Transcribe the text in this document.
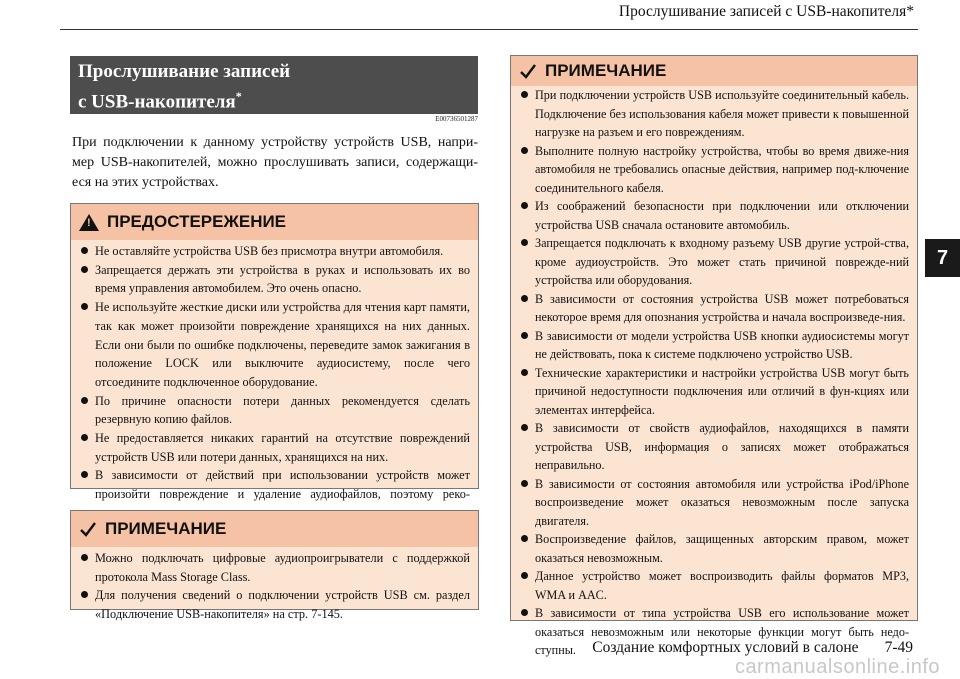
Прослушивание записей с USB-накопителя*
Прослушивание записей
с USB-накопителя*
E00736501287
При подключении к данному устройству устройств USB, напри-мер USB-накопителей, можно прослушивать записи, содержащи-еся на этих устройствах.
!
ПРЕДОСТЕРЕЖЕНИЕ
Не оставляйте устройства USB без присмотра внутри автомобиля.
Запрещается держать эти устройства в руках и использовать их во время управления автомобилем. Это очень опасно.
Не используйте жесткие диски или устройства для чтения карт памяти, так как может произойти повреждение хранящихся на них данных. Если они были по ошибке подключены, переведите замок зажигания в положение LOCK или выключите аудиосистему, после чего отсоедините подключенное оборудование.
По причине опасности потери данных рекомендуется сделать резервную копию файлов.
Не предоставляется никаких гарантий на отсутствие повреждений устройств USB или потери данных, хранящихся на них.
В зависимости от действий при использовании устройств может произойти повреждение и удаление аудиофайлов, поэтому реко-
ПРИМЕЧАНИЕ
Можно подключать цифровые аудиопроигрыватели с поддержкой протокола Mass Storage Class.
Для получения сведений о подключении устройств USB см. раздел «Подключение USB-накопителя» на стр. 7-145.
ПРИМЕЧАНИЕ
При подключении устройств USB используйте соединительный кабель. Подключение без использования кабеля может привести к повышенной нагрузке на разъем и его повреждениям.
Выполните полную настройку устройства, чтобы во время движе-ния автомобиля не требовались опасные действия, например под-ключение соединительного кабеля.
Из соображений безопасности при подключении или отключении устройства USB сначала остановите автомобиль.
Запрещается подключать к входному разъему USB другие устрой-ства, кроме аудиоустройств. Это может стать причиной поврежде-ний устройства или оборудования.
В зависимости от состояния устройства USB может потребоваться некоторое время для опознания устройства и начала воспроизведе-ния.
В зависимости от модели устройства USB кнопки аудиосистемы могут не действовать, пока к системе подключено устройство USB.
Технические характеристики и настройки устройства USB могут быть причиной недоступности подключения или отличий в фун-кциях или элементах интерфейса.
В зависимости от свойств аудиофайлов, находящихся в памяти устройства USB, информация о записях может отображаться неправильно.
В зависимости от состояния автомобиля или устройства iPod/iPhone воспроизведение может оказаться невозможным после запуска двигателя.
Воспроизведение файлов, защищенных авторским правом, может оказаться невозможным.
Данное устройство может воспроизводить файлы форматов MP3, WMA и AAC.
В зависимости от типа устройства USB его использование может оказаться невозможным или некоторые функции могут быть недо-ступны.
7
Создание комфортных условий в салоне 7-49
carmanualsonline.info
